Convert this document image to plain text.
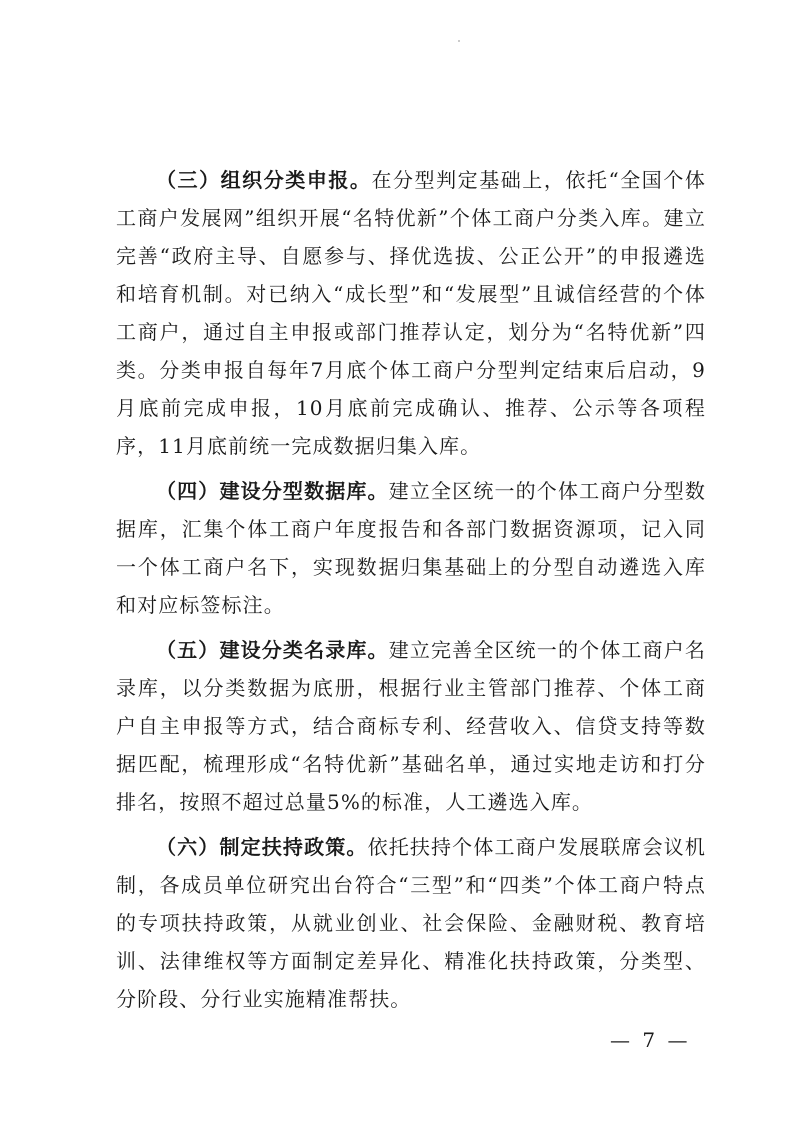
（三）组织分类申报。在分型判定基础上，依托“全国个体工商户发展网”组织开展“名特优新”个体工商户分类入库。建立完善“政府主导、自愿参与、择优选拔、公正公开”的申报遴选和培育机制。对已纳入“成长型”和“发展型”且诚信经营的个体工商户，通过自主申报或部门推荐认定，划分为“名特优新”四类。分类申报自每年7月底个体工商户分型判定结束后启动，9月底前完成申报，10月底前完成确认、推荐、公示等各项程序，11月底前统一完成数据归集入库。

（四）建设分型数据库。建立全区统一的个体工商户分型数据库，汇集个体工商户年度报告和各部门数据资源项，记入同一个体工商户名下，实现数据归集基础上的分型自动遴选入库和对应标签标注。

（五）建设分类名录库。建立完善全区统一的个体工商户名录库，以分类数据为底册，根据行业主管部门推荐、个体工商户自主申报等方式，结合商标专利、经营收入、信贷支持等数据匹配，梳理形成“名特优新”基础名单，通过实地走访和打分排名，按照不超过总量5%的标准，人工遴选入库。

（六）制定扶持政策。依托扶持个体工商户发展联席会议机制，各成员单位研究出台符合“三型”和“四类”个体工商户特点的专项扶持政策，从就业创业、社会保险、金融财税、教育培训、法律维权等方面制定差异化、精准化扶持政策，分类型、分阶段、分行业实施精准帮扶。

— 7 —
